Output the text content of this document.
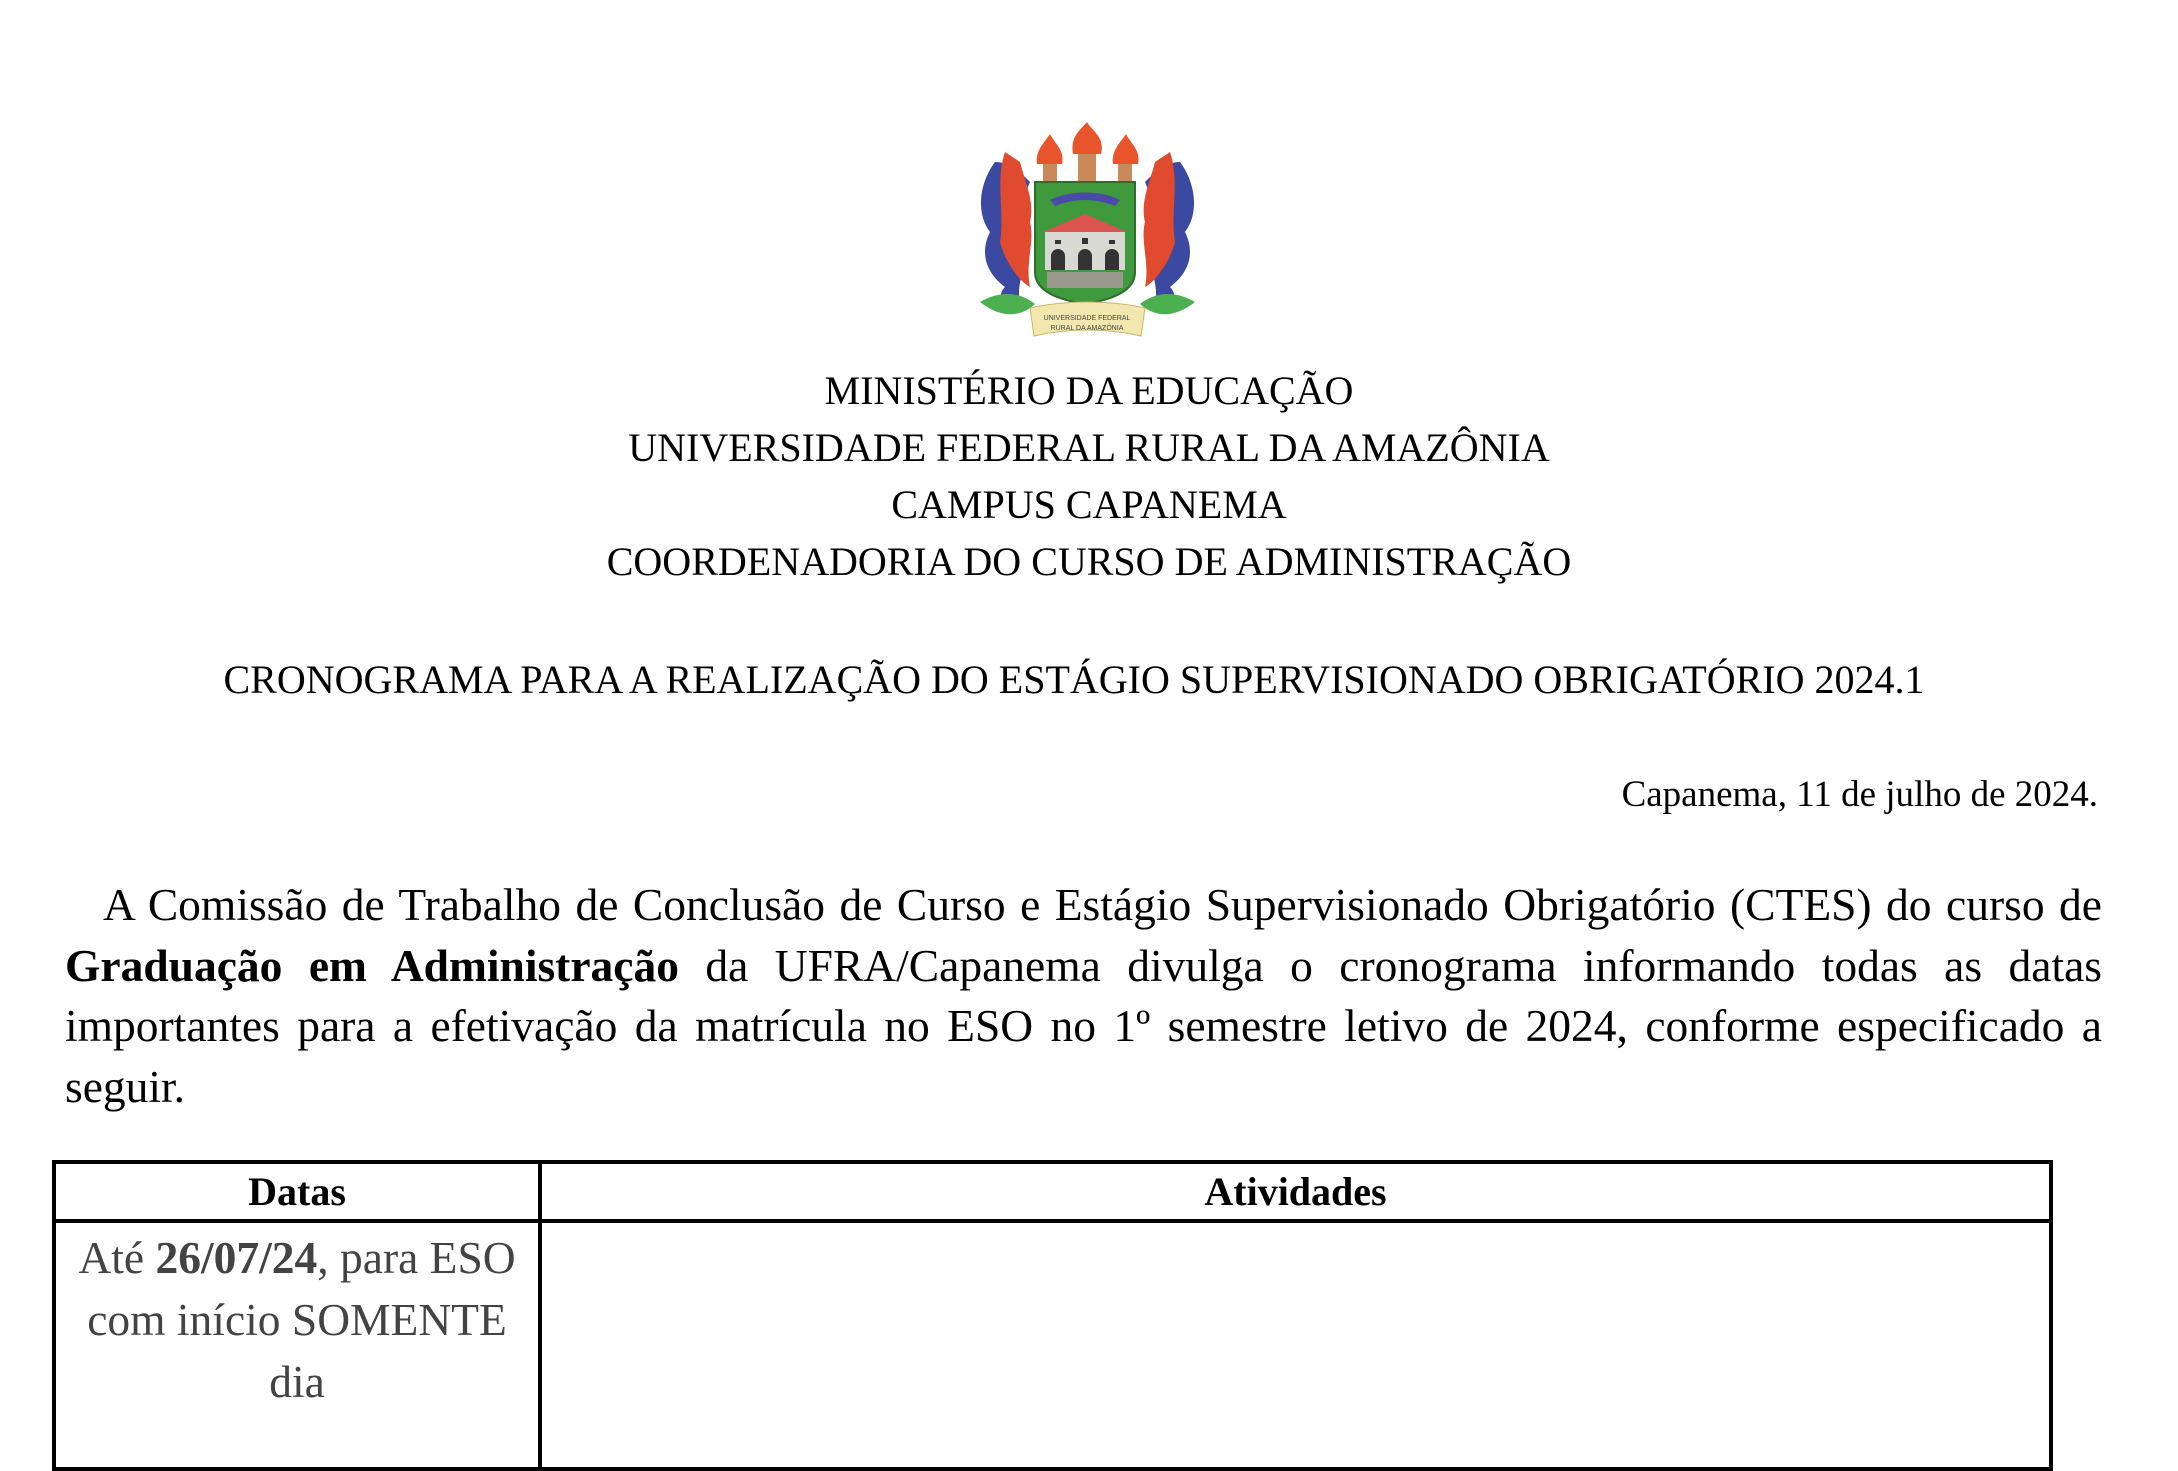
UNIVERSIDADE FEDERAL
RURAL DA AMAZÔNIA
MINISTÉRIO DA EDUCAÇÃO
UNIVERSIDADE FEDERAL RURAL DA AMAZÔNIA
CAMPUS CAPANEMA
COORDENADORIA DO CURSO DE ADMINISTRAÇÃO
CRONOGRAMA PARA A REALIZAÇÃO DO ESTÁGIO SUPERVISIONADO OBRIGATÓRIO 2024.1
Capanema, 11 de julho de 2024.

A Comissão de Trabalho de Conclusão de Curso e Estágio Supervisionado Obrigatório (CTES) do curso de Graduação em Administração da UFRA/Capanema divulga o cronograma informando todas as datas importantes para a efetivação da matrícula no ESO no 1º semestre letivo de 2024, conforme especificado a seguir.

Datas	Atividades
Até 26/07/24, para ESO com início SOMENTE dia	
